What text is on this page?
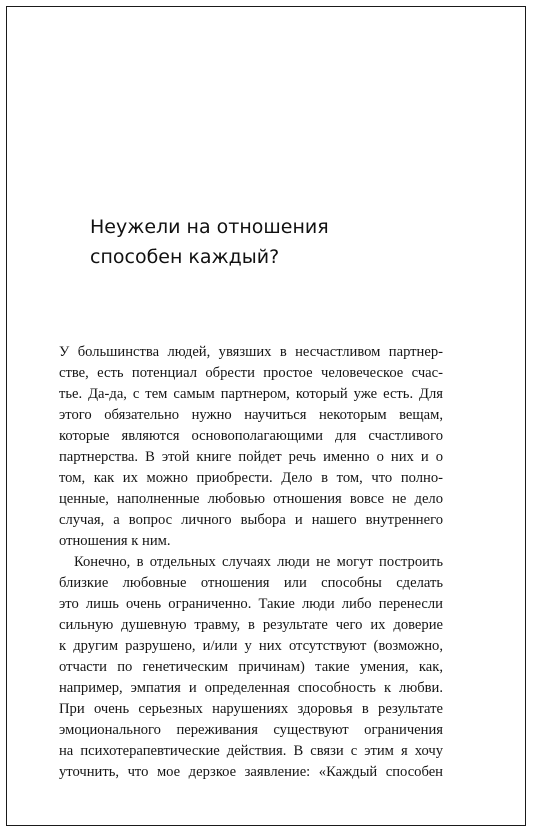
Неужели на отношения
способен каждый?
У большинства людей, увязших в несчастливом партнер-
стве, есть потенциал обрести простое человеческое счас-
тье. Да-да, с тем самым партнером, который уже есть. Для
этого обязательно нужно научиться некоторым вещам,
которые являются основополагающими для счастливого
партнерства. В этой книге пойдет речь именно о них и о
том, как их можно приобрести. Дело в том, что полно-
ценные, наполненные любовью отношения вовсе не дело
случая, а вопрос личного выбора и нашего внутреннего
отношения к ним.
Конечно, в отдельных случаях люди не могут построить
близкие любовные отношения или способны сделать
это лишь очень ограниченно. Такие люди либо перенесли
сильную душевную травму, в результате чего их доверие
к другим разрушено, и/или у них отсутствуют (возможно,
отчасти по генетическим причинам) такие умения, как,
например, эмпатия и определенная способность к любви.
При очень серьезных нарушениях здоровья в результате
эмоционального переживания существуют ограничения
на психотерапевтические действия. В связи с этим я хочу
уточнить, что мое дерзкое заявление: «Каждый способен
